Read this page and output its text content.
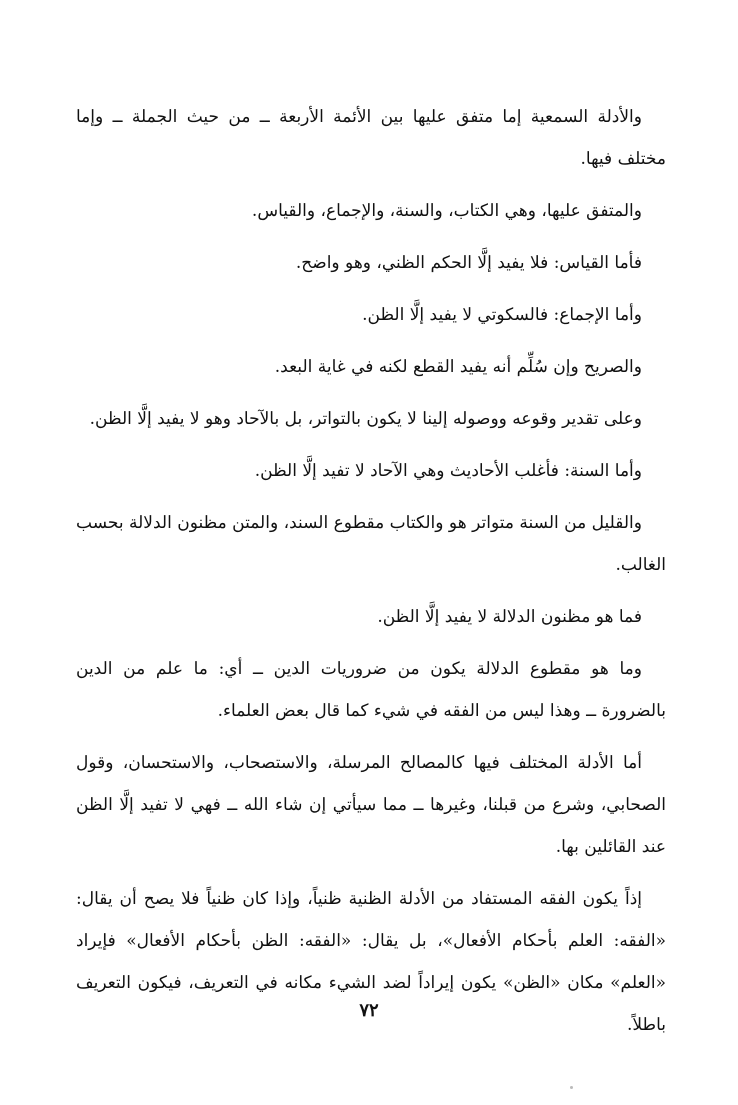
والأدلة السمعية إما متفق عليها بين الأئمة الأربعة ــ من حيث الجملة ــ وإما مختلف فيها.

والمتفق عليها، وهي الكتاب، والسنة، والإجماع، والقياس.

فأما القياس: فلا يفيد إلَّا الحكم الظني، وهو واضح.

وأما الإجماع: فالسكوتي لا يفيد إلَّا الظن.

والصريح وإن سُلِّم أنه يفيد القطع لكنه في غاية البعد.

وعلى تقدير وقوعه ووصوله إلينا لا يكون بالتواتر، بل بالآحاد وهو لا يفيد إلَّا الظن.

وأما السنة: فأغلب الأحاديث وهي الآحاد لا تفيد إلَّا الظن.

والقليل من السنة متواتر هو والكتاب مقطوع السند، والمتن مظنون الدلالة بحسب الغالب.

فما هو مظنون الدلالة لا يفيد إلَّا الظن.

وما هو مقطوع الدلالة يكون من ضروريات الدين ــ أي: ما علم من الدين بالضرورة ــ وهذا ليس من الفقه في شيء كما قال بعض العلماء.

أما الأدلة المختلف فيها كالمصالح المرسلة، والاستصحاب، والاستحسان، وقول الصحابي، وشرع من قبلنا، وغيرها ــ مما سيأتي إن شاء الله ــ فهي لا تفيد إلَّا الظن عند القائلين بها.

إذاً يكون الفقه المستفاد من الأدلة الظنية ظنياً، وإذا كان ظنياً فلا يصح أن يقال: «الفقه: العلم بأحكام الأفعال»، بل يقال: «الفقه: الظن بأحكام الأفعال» فإيراد «العلم» مكان «الظن» يكون إيراداً لضد الشيء مكانه في التعريف، فيكون التعريف باطلاً.

٧٢
